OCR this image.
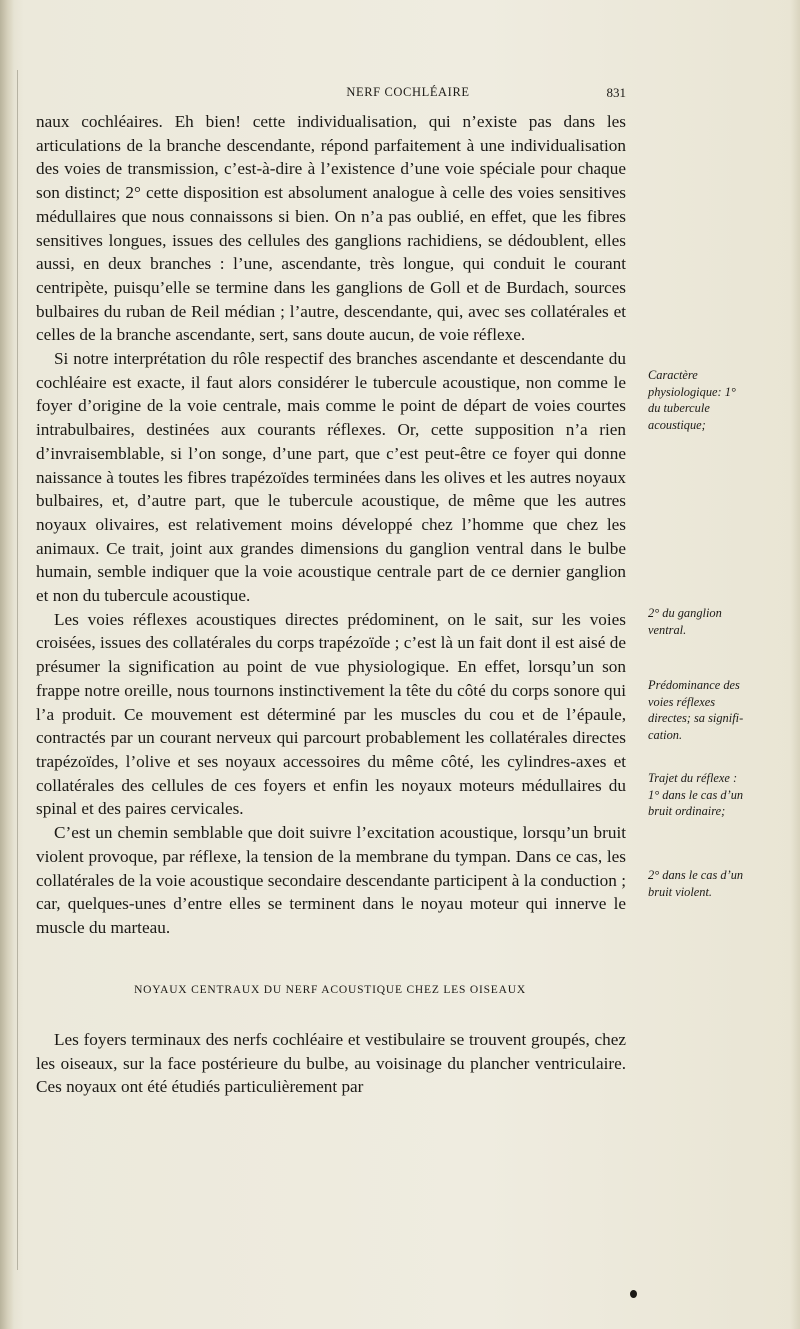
NERF COCHLÉAIRE	831

naux cochléaires. Eh bien! cette individualisation, qui n’existe pas dans les articulations de la branche descendante, répond parfaitement à une individualisation des voies de transmission, c’est-à-dire à l’existence d’une voie spéciale pour chaque son distinct; 2° cette disposition est absolument analogue à celle des voies sensitives médullaires que nous connaissons si bien. On n’a pas oublié, en effet, que les fibres sensitives longues, issues des cellules des ganglions rachidiens, se dédoublent, elles aussi, en deux branches : l’une, ascendante, très longue, qui conduit le courant centripète, puisqu’elle se termine dans les ganglions de Goll et de Burdach, sources bulbaires du ruban de Reil médian ; l’autre, descendante, qui, avec ses collatérales et celles de la branche ascendante, sert, sans doute aucun, de voie réflexe.

Si notre interprétation du rôle respectif des branches ascendante et descendante du cochléaire est exacte, il faut alors considérer le tubercule acoustique, non comme le foyer d’origine de la voie centrale, mais comme le point de départ de voies courtes intrabulbaires, destinées aux courants réflexes. Or, cette supposition n’a rien d’invraisemblable, si l’on songe, d’une part, que c’est peut-être ce foyer qui donne naissance à toutes les fibres trapézoïdes terminées dans les olives et les autres noyaux bulbaires, et, d’autre part, que le tubercule acoustique, de même que les autres noyaux olivaires, est relativement moins développé chez l’homme que chez les animaux. Ce trait, joint aux grandes dimensions du ganglion ventral dans le bulbe humain, semble indiquer que la voie acoustique centrale part de ce dernier ganglion et non du tubercule acoustique.

Les voies réflexes acoustiques directes prédominent, on le sait, sur les voies croisées, issues des collatérales du corps trapézoïde ; c’est là un fait dont il est aisé de présumer la signification au point de vue physiologique. En effet, lorsqu’un son frappe notre oreille, nous tournons instinctivement la tête du côté du corps sonore qui l’a produit. Ce mouvement est déterminé par les muscles du cou et de l’épaule, contractés par un courant nerveux qui parcourt probablement les collatérales directes trapézoïdes, l’olive et ses noyaux accessoires du même côté, les cylindres-axes et collatérales des cellules de ces foyers et enfin les noyaux moteurs médullaires du spinal et des paires cervicales.

C’est un chemin semblable que doit suivre l’excitation acoustique, lorsqu’un bruit violent provoque, par réflexe, la tension de la membrane du tympan. Dans ce cas, les collatérales de la voie acoustique secondaire descendante participent à la conduction ; car, quelques-unes d’entre elles se terminent dans le noyau moteur qui innerve le muscle du marteau.

Caractère physiologique: 1° du tubercule acoustique;
2° du ganglion ventral.
Prédominance des voies réflexes directes; sa signification.
Trajet du réflexe : 1° dans le cas d’un bruit ordinaire;
2° dans le cas d’un bruit violent.
NOYAUX CENTRAUX DU NERF ACOUSTIQUE CHEZ LES OISEAUX

Les foyers terminaux des nerfs cochléaire et vestibulaire se trouvent groupés, chez les oiseaux, sur la face postérieure du bulbe, au voisinage du plancher ventriculaire. Ces noyaux ont été étudiés particulièrement par
